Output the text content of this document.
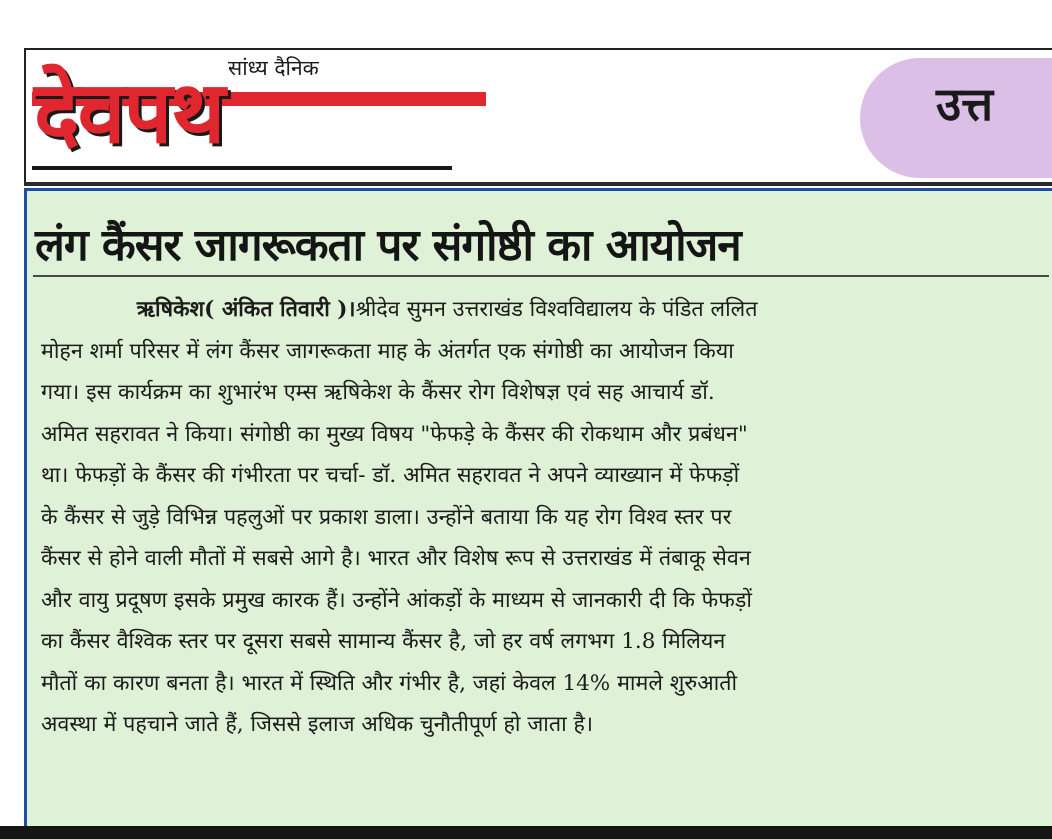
सांध्य दैनिक
देवपथ	उत्त
लंग कैंसर जागरूकता पर संगोष्ठी का आयोजन
ऋषिकेश( अंकित तिवारी )।श्रीदेव सुमन उत्तराखंड विश्वविद्यालय के पंडित ललित
मोहन शर्मा परिसर में लंग कैंसर जागरूकता माह के अंतर्गत एक संगोष्ठी का आयोजन किया
गया। इस कार्यक्रम का शुभारंभ एम्स ऋषिकेश के कैंसर रोग विशेषज्ञ एवं सह आचार्य डॉ.
अमित सहरावत ने किया। संगोष्ठी का मुख्य विषय "फेफड़े के कैंसर की रोकथाम और प्रबंधन"
था। फेफड़ों के कैंसर की गंभीरता पर चर्चा- डॉ. अमित सहरावत ने अपने व्याख्यान में फेफड़ों
के कैंसर से जुड़े विभिन्न पहलुओं पर प्रकाश डाला। उन्होंने बताया कि यह रोग विश्व स्तर पर
कैंसर से होने वाली मौतों में सबसे आगे है। भारत और विशेष रूप से उत्तराखंड में तंबाकू सेवन
और वायु प्रदूषण इसके प्रमुख कारक हैं। उन्होंने आंकड़ों के माध्यम से जानकारी दी कि फेफड़ों
का कैंसर वैश्विक स्तर पर दूसरा सबसे सामान्य कैंसर है, जो हर वर्ष लगभग 1.8 मिलियन
मौतों का कारण बनता है। भारत में स्थिति और गंभीर है, जहां केवल 14% मामले शुरुआती
अवस्था में पहचाने जाते हैं, जिससे इलाज अधिक चुनौतीपूर्ण हो जाता है।
